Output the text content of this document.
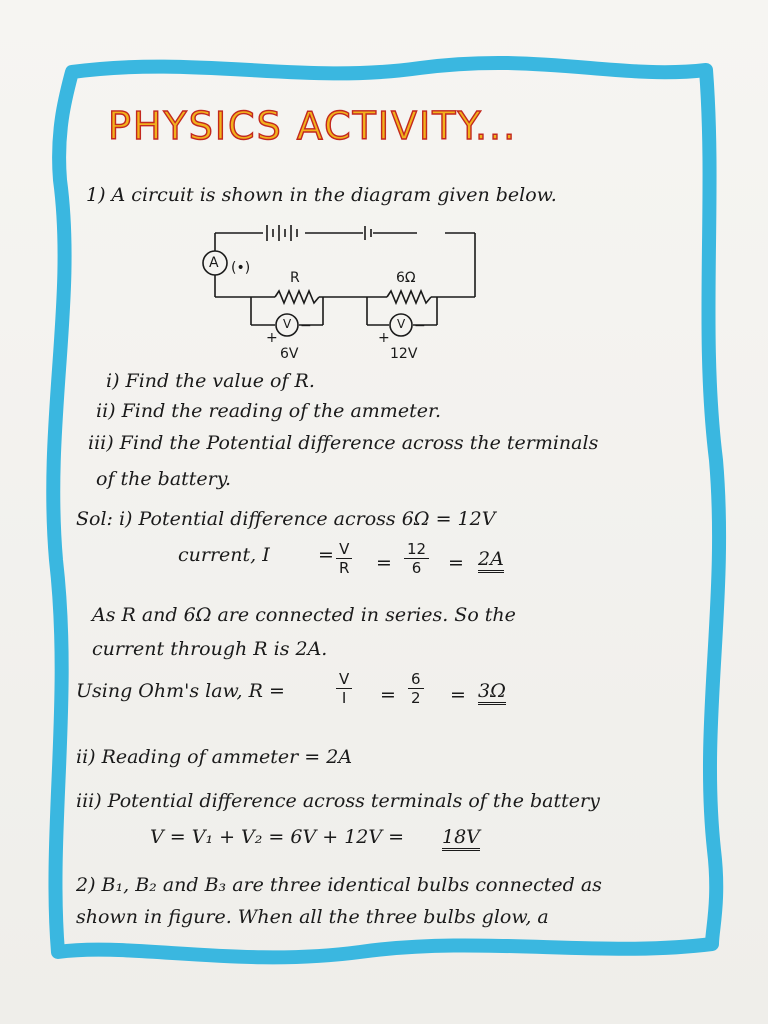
PHYSICS ACTIVITY...
1) A circuit is shown in the diagram given below.
(•)
A
R	6Ω
V	V
+
−
+
−
6V	12V
i) Find the value of R.
ii) Find the reading of the ammeter.
iii) Find the Potential difference across the terminals
of the battery.
Sol: i) Potential difference across 6Ω = 12V
current, I	= $\frac{V}{R} = \frac{12}{6} = 2A$
As R and 6Ω are connected in series. So the
current through R is 2A.
Using Ohm's law, R =	$\frac{V}{I} = \frac{6}{2} = 3\Omega$
ii) Reading of ammeter = 2A
iii) Potential difference across terminals of the battery
V = V₁ + V₂ = 6V + 12V = 18V
2) B₁, B₂ and B₃ are three identical bulbs connected as
shown in figure. When all the three bulbs glow, a
